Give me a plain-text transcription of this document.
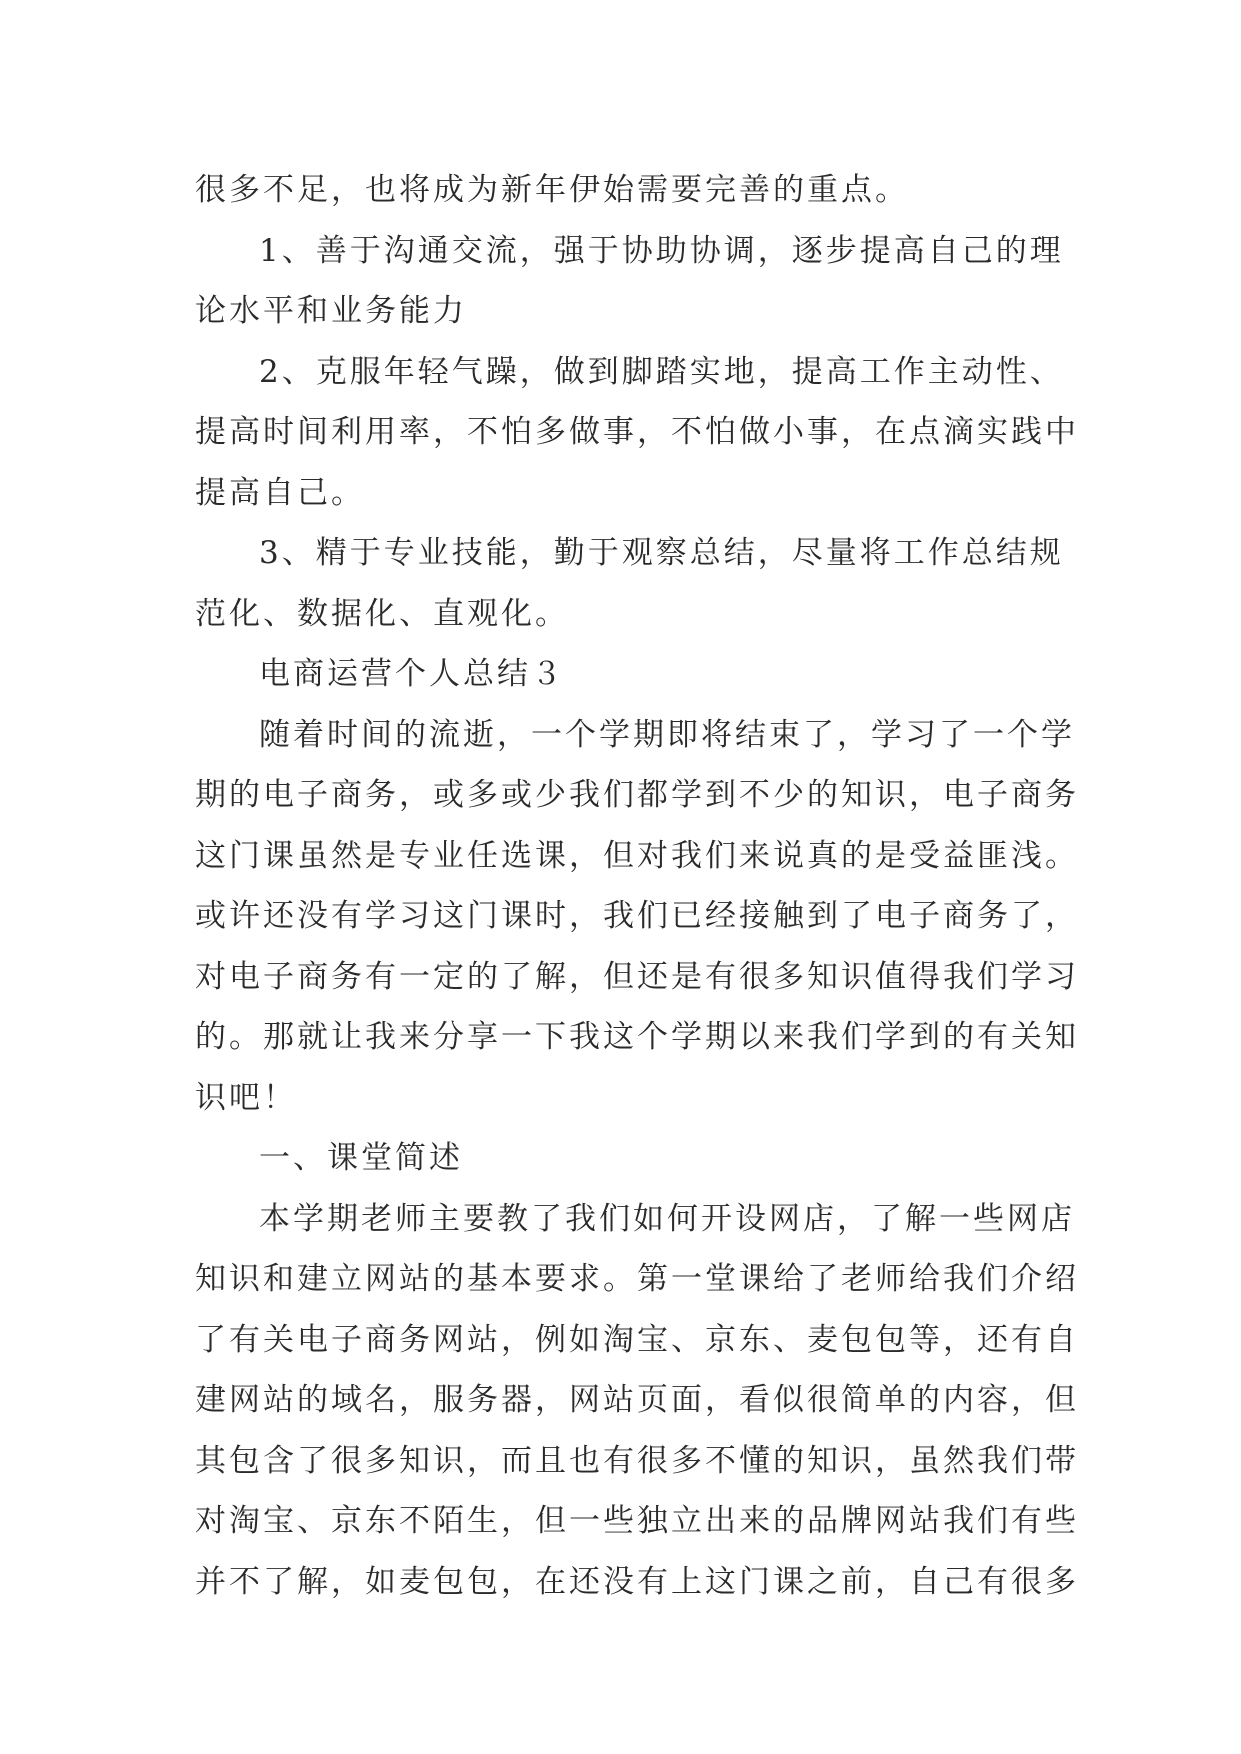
很多不足，也将成为新年伊始需要完善的重点。
1、善于沟通交流，强于协助协调，逐步提高自己的理
论水平和业务能力
2、克服年轻气躁，做到脚踏实地，提高工作主动性、
提高时间利用率，不怕多做事，不怕做小事，在点滴实践中
提高自己。
3、精于专业技能，勤于观察总结，尽量将工作总结规
范化、数据化、直观化。
电商运营个人总结３
随着时间的流逝，一个学期即将结束了，学习了一个学
期的电子商务，或多或少我们都学到不少的知识，电子商务
这门课虽然是专业任选课，但对我们来说真的是受益匪浅。
或许还没有学习这门课时，我们已经接触到了电子商务了，
对电子商务有一定的了解，但还是有很多知识值得我们学习
的。那就让我来分享一下我这个学期以来我们学到的有关知
识吧！
一、课堂简述
本学期老师主要教了我们如何开设网店，了解一些网店
知识和建立网站的基本要求。第一堂课给了老师给我们介绍
了有关电子商务网站，例如淘宝、京东、麦包包等，还有自
建网站的域名，服务器，网站页面，看似很简单的内容，但
其包含了很多知识，而且也有很多不懂的知识，虽然我们带
对淘宝、京东不陌生，但一些独立出来的品牌网站我们有些
并不了解，如麦包包，在还没有上这门课之前，自己有很多
